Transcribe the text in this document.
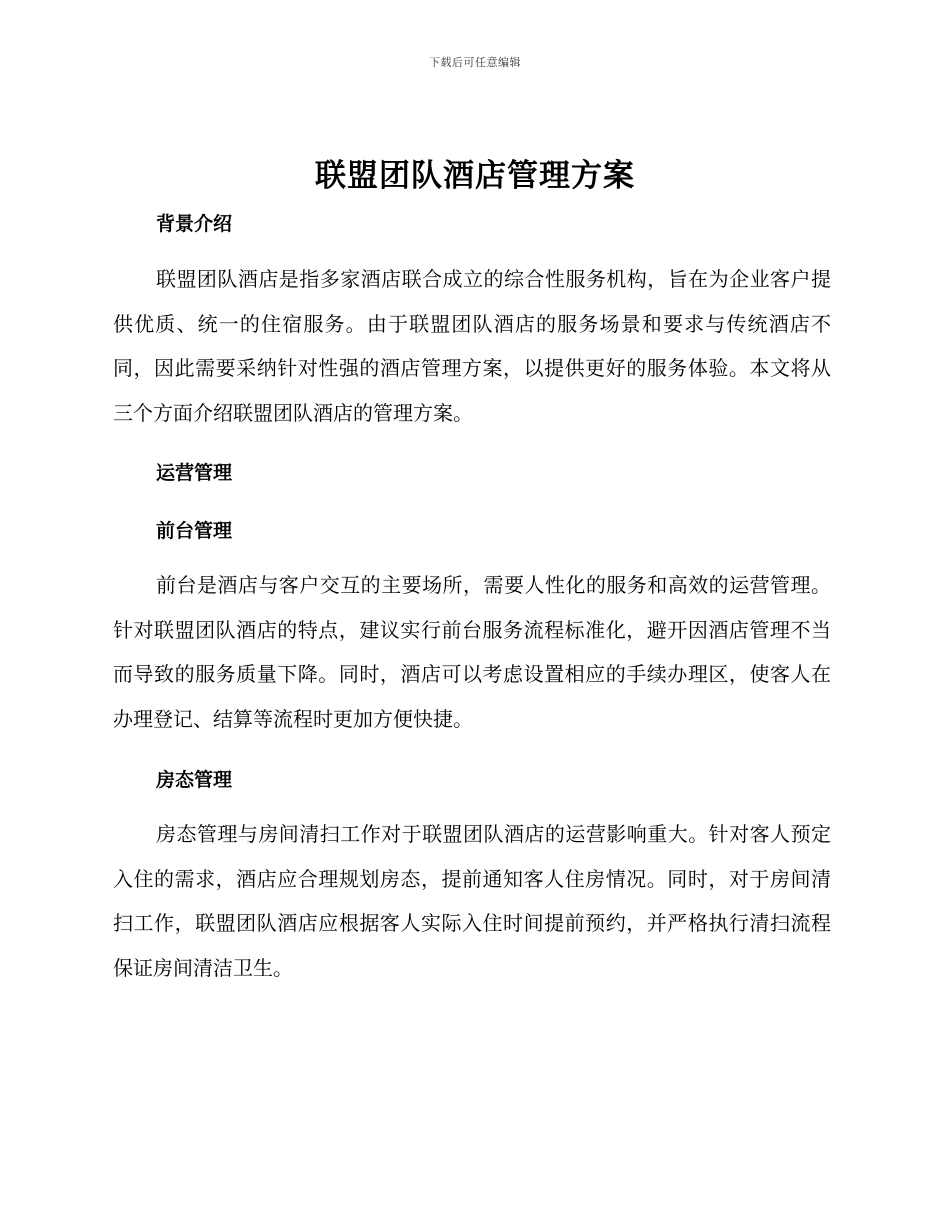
下载后可任意编辑
联盟团队酒店管理方案
背景介绍

联盟团队酒店是指多家酒店联合成立的综合性服务机构，旨在为企业客户提供优质、统一的住宿服务。由于联盟团队酒店的服务场景和要求与传统酒店不同，因此需要采纳针对性强的酒店管理方案，以提供更好的服务体验。本文将从三个方面介绍联盟团队酒店的管理方案。

运营管理
前台管理

前台是酒店与客户交互的主要场所，需要人性化的服务和高效的运营管理。针对联盟团队酒店的特点，建议实行前台服务流程标准化，避开因酒店管理不当而导致的服务质量下降。同时，酒店可以考虑设置相应的手续办理区，使客人在办理登记、结算等流程时更加方便快捷。

房态管理

房态管理与房间清扫工作对于联盟团队酒店的运营影响重大。针对客人预定入住的需求，酒店应合理规划房态，提前通知客人住房情况。同时，对于房间清扫工作，联盟团队酒店应根据客人实际入住时间提前预约，并严格执行清扫流程保证房间清洁卫生。
